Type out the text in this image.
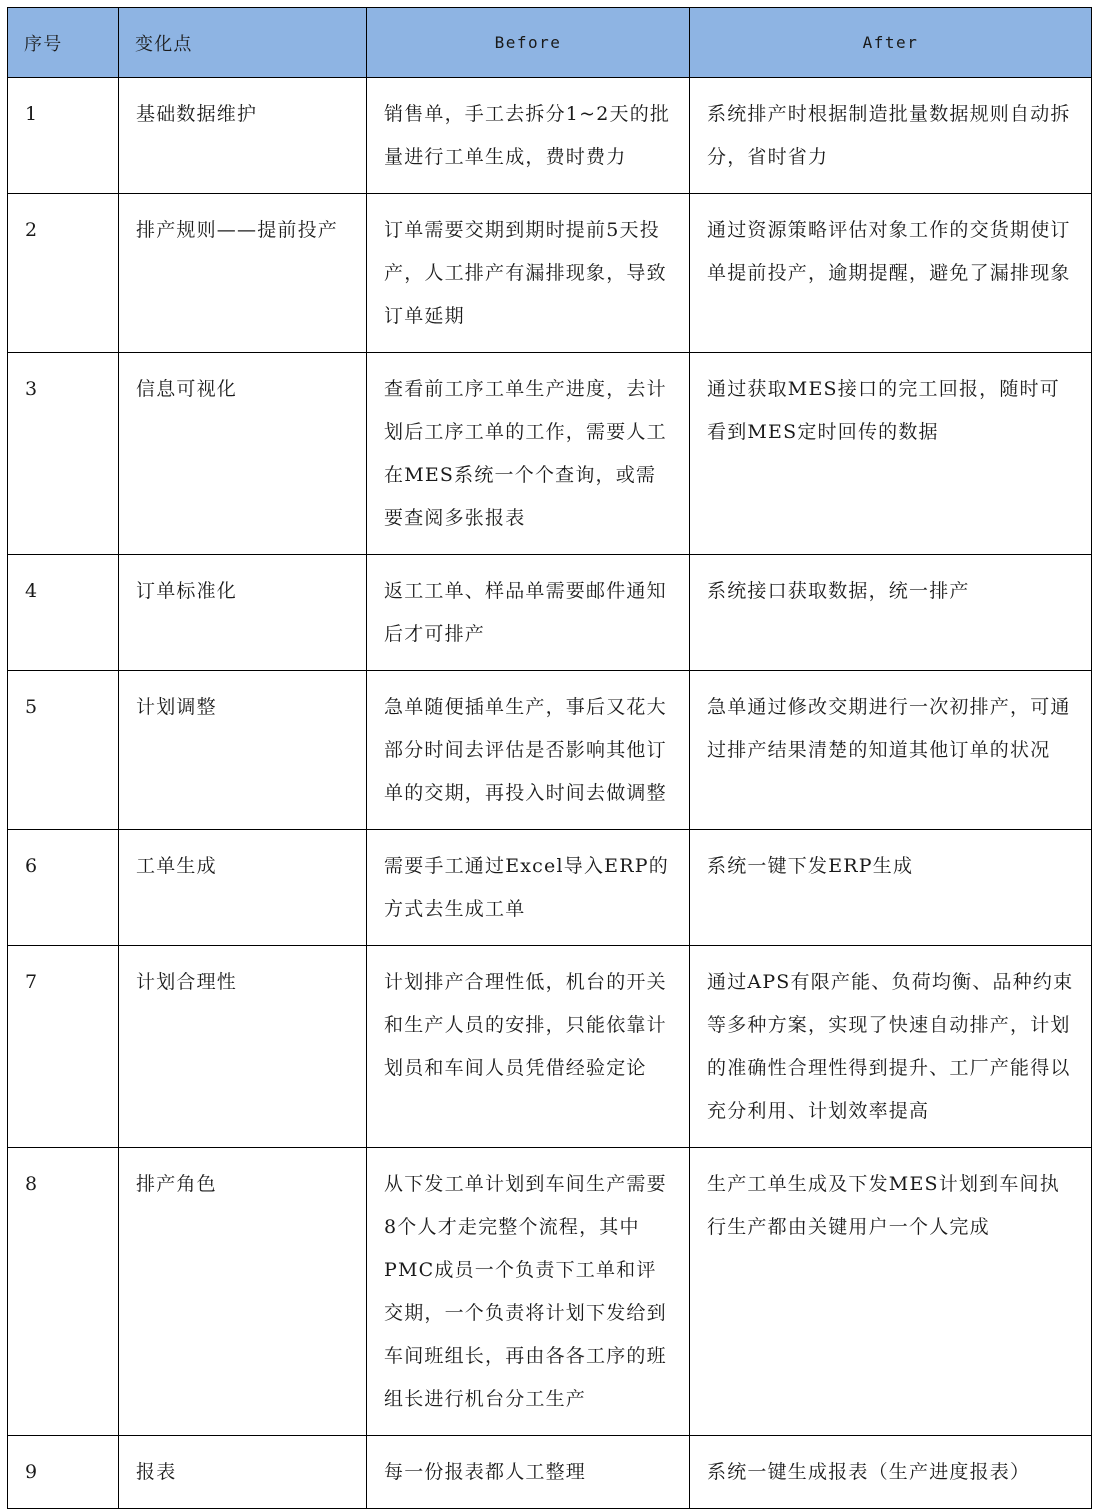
序号	变化点	Before	After
1	基础数据维护	销售单，手工去拆分1~2天的批量进行工单生成，费时费力	系统排产时根据制造批量数据规则自动拆分，省时省力
2	排产规则——提前投产	订单需要交期到期时提前5天投产，人工排产有漏排现象，导致订单延期	通过资源策略评估对象工作的交货期使订单提前投产，逾期提醒，避免了漏排现象
3	信息可视化	查看前工序工单生产进度，去计划后工序工单的工作，需要人工在MES系统一个个查询，或需要查阅多张报表	通过获取MES接口的完工回报，随时可看到MES定时回传的数据
4	订单标准化	返工工单、样品单需要邮件通知后才可排产	系统接口获取数据，统一排产
5	计划调整	急单随便插单生产，事后又花大部分时间去评估是否影响其他订单的交期，再投入时间去做调整	急单通过修改交期进行一次初排产，可通过排产结果清楚的知道其他订单的状况
6	工单生成	需要手工通过Excel导入ERP的方式去生成工单	系统一键下发ERP生成
7	计划合理性	计划排产合理性低，机台的开关和生产人员的安排，只能依靠计划员和车间人员凭借经验定论	通过APS有限产能、负荷均衡、品种约束等多种方案，实现了快速自动排产，计划的准确性合理性得到提升、工厂产能得以充分利用、计划效率提高
8	排产角色	从下发工单计划到车间生产需要8个人才走完整个流程，其中PMC成员一个负责下工单和评交期，一个负责将计划下发给到车间班组长，再由各各工序的班组长进行机台分工生产	生产工单生成及下发MES计划到车间执行生产都由关键用户一个人完成
9	报表	每一份报表都人工整理	系统一键生成报表（生产进度报表）
